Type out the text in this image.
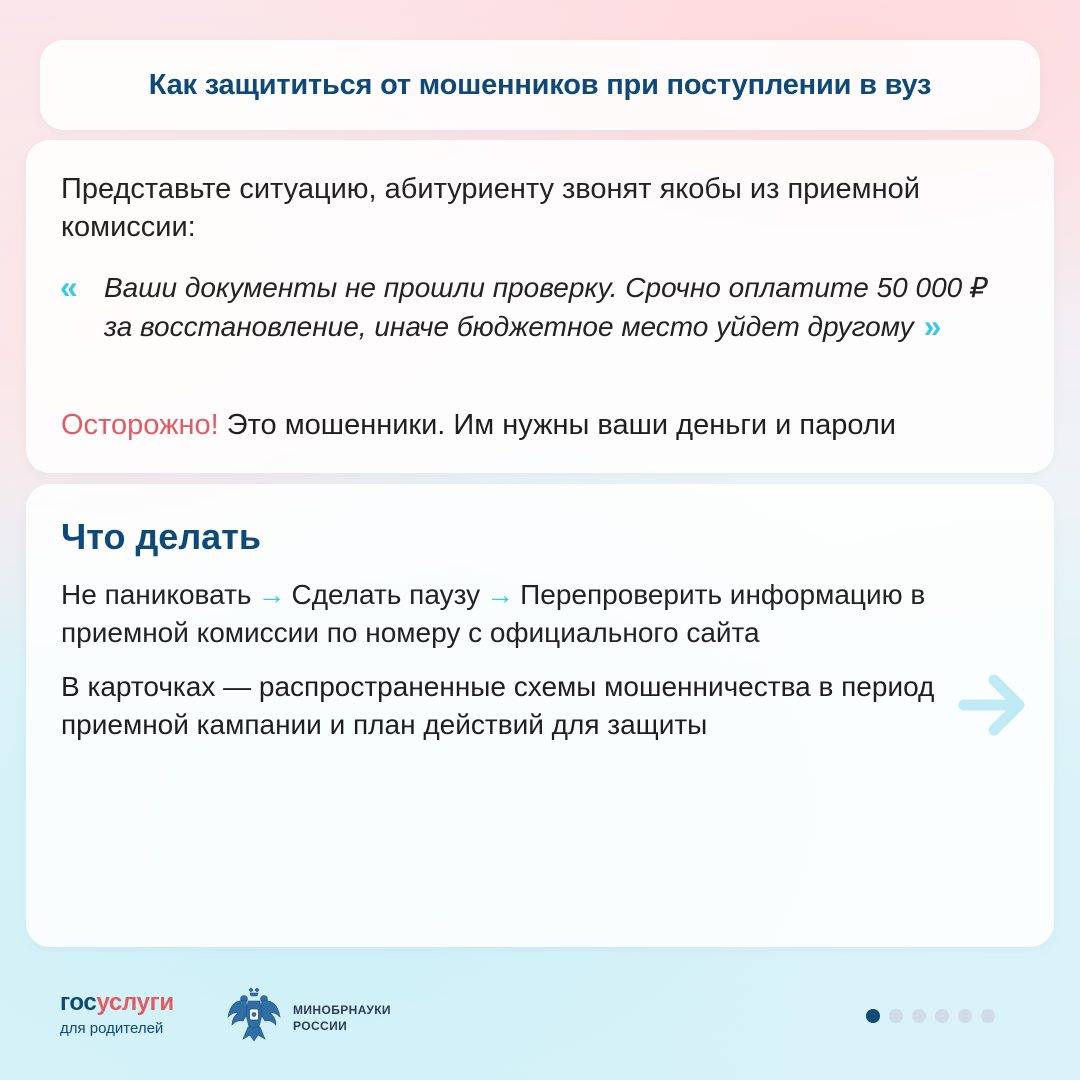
Как защититься от мошенников при поступлении в вуз
Представьте ситуацию, абитуриенту звонят якобы из приемной комиссии:
« Ваши документы не прошли проверку. Срочно оплатите 50 000 ₽ за восстановление, иначе бюджетное место уйдет другому »
Осторожно! Это мошенники. Им нужны ваши деньги и пароли
Что делать
Не паниковать → Сделать паузу → Перепроверить информацию в приемной комиссии по номеру с официального сайта
В карточках — распространенные схемы мошенничества в период приемной кампании и план действий для защиты
госуслуги
для родителей
МИНОБРНАУКИ
РОССИИ
